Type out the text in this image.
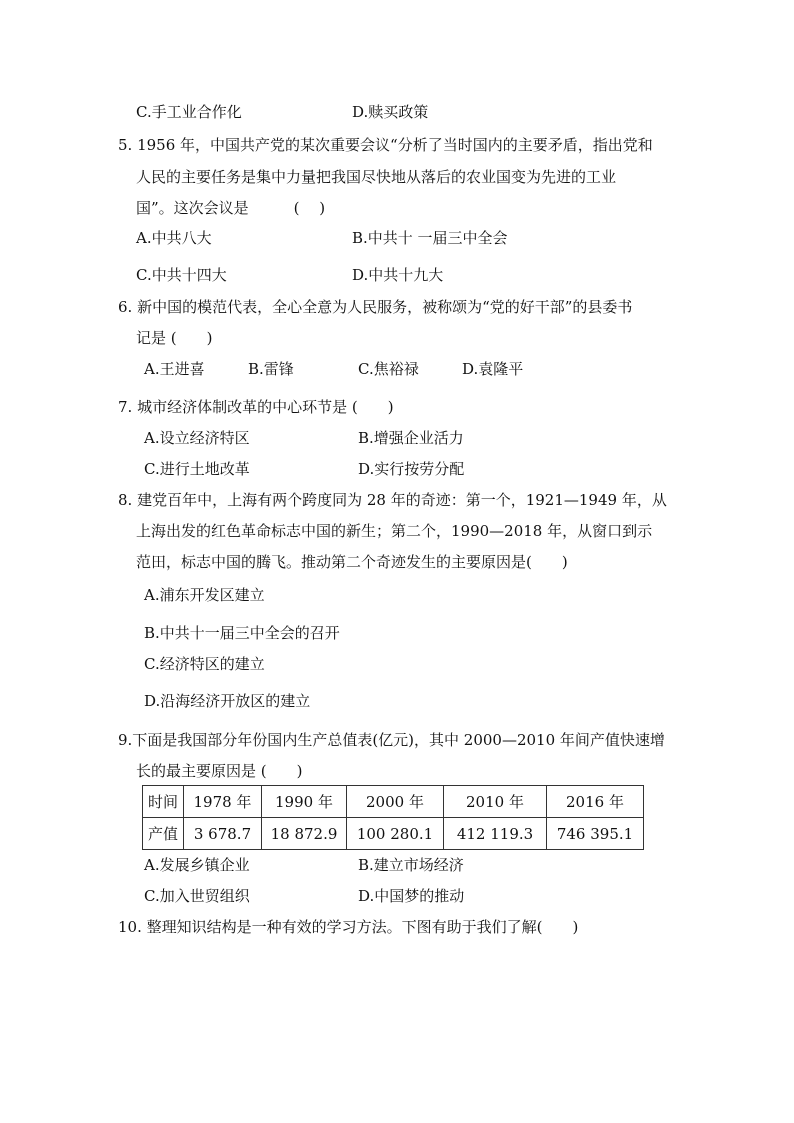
C.手工业合作化	D.赎买政策
5. 1956 年，中国共产党的某次重要会议“分析了当时国内的主要矛盾，指出党和
人民的主要任务是集中力量把我国尽快地从落后的农业国变为先进的工业
国”。这次会议是　　　(　 )
A.中共八大	B.中共十 一届三中全会
C.中共十四大	D.中共十九大
6. 新中国的模范代表，全心全意为人民服务，被称颂为“党的好干部”的县委书
记是 (　　)
A.王进喜	B.雷锋	C.焦裕禄	D.袁隆平
7. 城市经济体制改革的中心环节是 (　　)
A.设立经济特区	B.增强企业活力
C.进行土地改革	D.实行按劳分配
8. 建党百年中，上海有两个跨度同为 28 年的奇迹：第一个，1921—1949 年，从
上海出发的红色革命标志中国的新生；第二个，1990—2018 年，从窗口到示
范田，标志中国的腾飞。推动第二个奇迹发生的主要原因是(　　)
A.浦东开发区建立
B.中共十一届三中全会的召开
C.经济特区的建立
D.沿海经济开放区的建立
9.下面是我国部分年份国内生产总值表(亿元)，其中 2000—2010 年间产值快速增
长的最主要原因是 (　　)
时间	1978 年	1990 年	2000 年	2010 年	2016 年
产值	3 678.7	18 872.9	100 280.1	412 119.3	746 395.1
A.发展乡镇企业	B.建立市场经济
C.加入世贸组织	D.中国梦的推动
10. 整理知识结构是一种有效的学习方法。下图有助于我们了解(　　)
